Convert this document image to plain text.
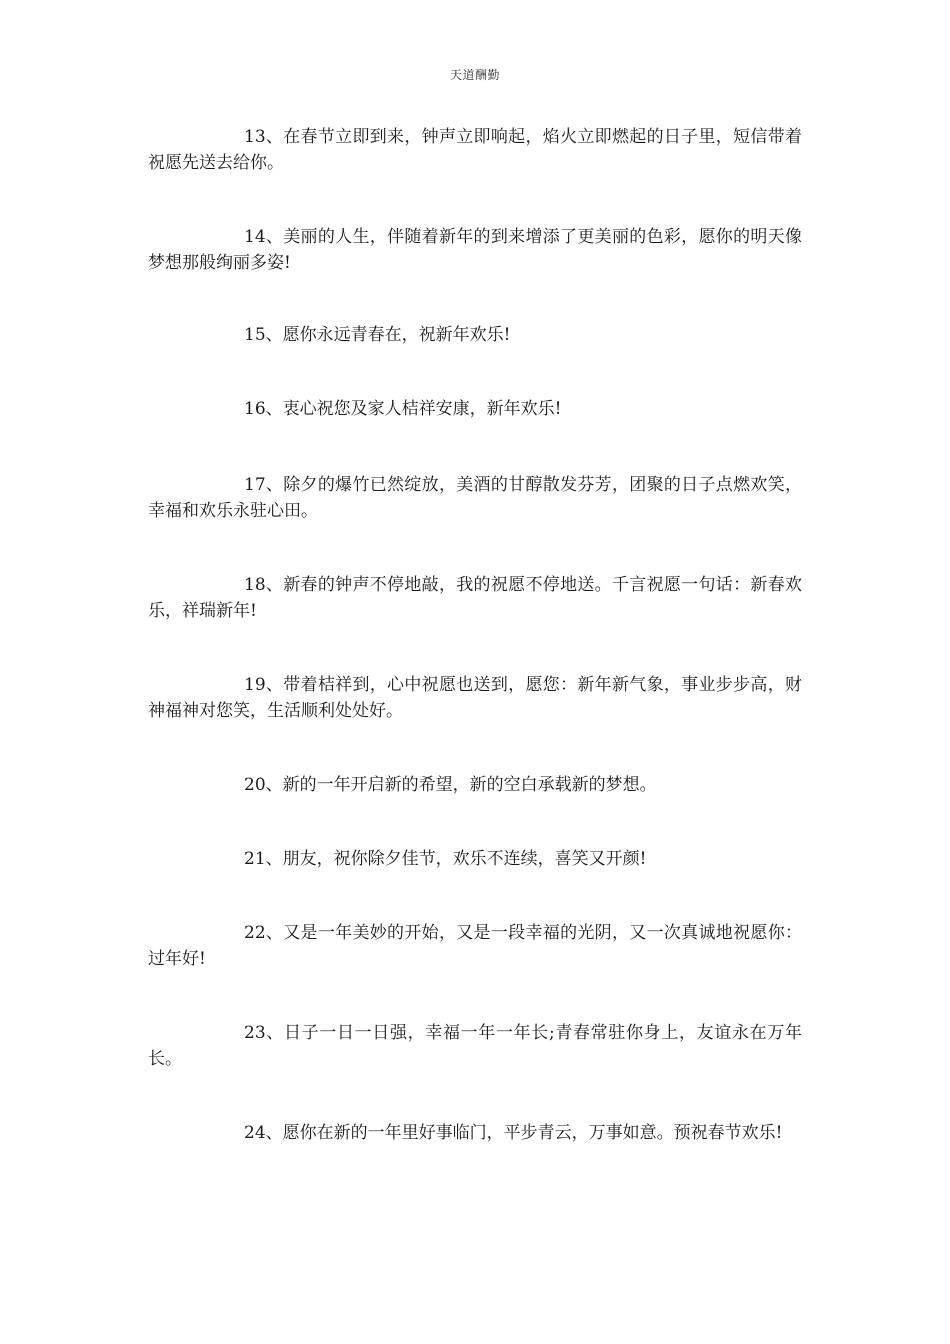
天道酬勤

13、在春节立即到来，钟声立即响起，焰火立即燃起的日子里，短信带着祝愿先送去给你。

14、美丽的人生，伴随着新年的到来增添了更美丽的色彩，愿你的明天像梦想那般绚丽多姿!

15、愿你永远青春在，祝新年欢乐!

16、衷心祝您及家人桔祥安康，新年欢乐!

17、除夕的爆竹已然绽放，美酒的甘醇散发芬芳，团聚的日子点燃欢笑，幸福和欢乐永驻心田。

18、新春的钟声不停地敲，我的祝愿不停地送。千言祝愿一句话：新春欢乐，祥瑞新年!

19、带着桔祥到，心中祝愿也送到，愿您：新年新气象，事业步步高，财神福神对您笑，生活顺利处处好。

20、新的一年开启新的希望，新的空白承载新的梦想。

21、朋友，祝你除夕佳节，欢乐不连续，喜笑又开颜!

22、又是一年美妙的开始，又是一段幸福的光阴，又一次真诚地祝愿你：过年好!

23、日子一日一日强，幸福一年一年长;青春常驻你身上，友谊永在万年长。

24、愿你在新的一年里好事临门，平步青云，万事如意。预祝春节欢乐!
